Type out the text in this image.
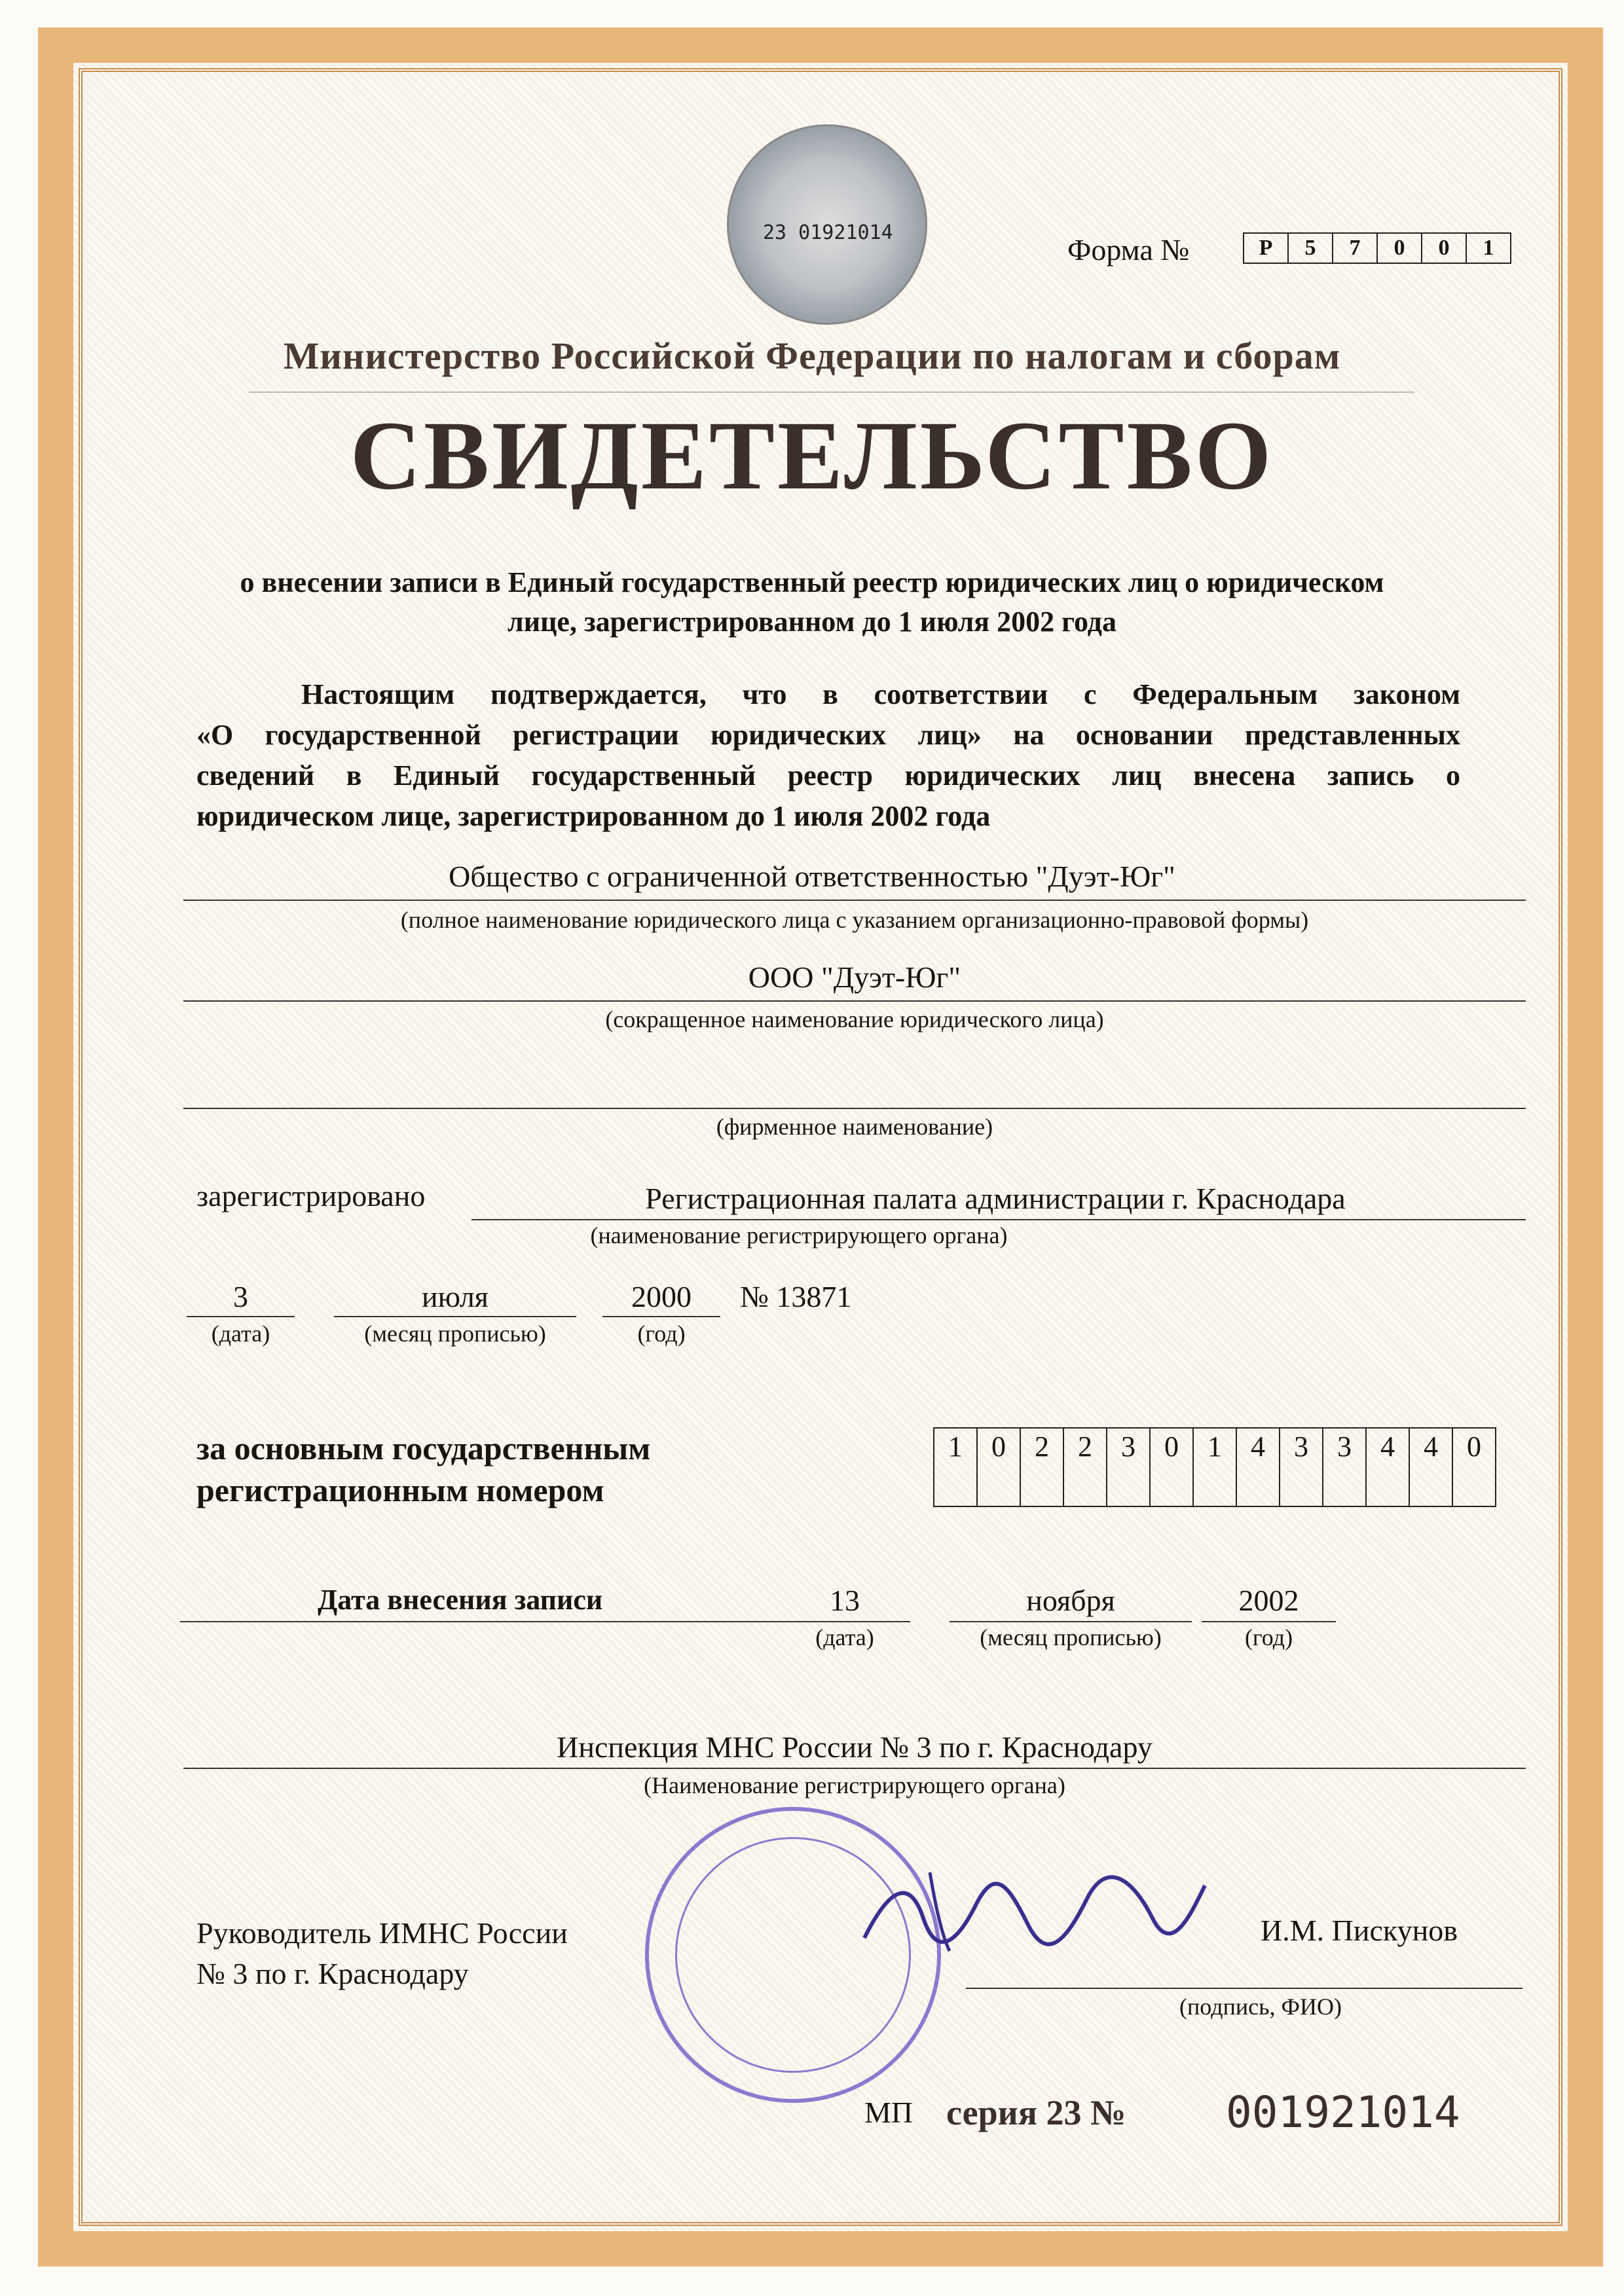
23 01921014
Форма №	Р	5	7	0	0	1
Министерство Российской Федерации по налогам и сборам
СВИДЕТЕЛЬСТВО
о внесении записи в Единый государственный реестр юридических лиц о юридическом
лице, зарегистрированном до 1 июля 2002 года
Настоящим подтверждается, что в соответствии с Федеральным законом
«О государственной регистрации юридических лиц» на основании представленных
сведений в Единый государственный реестр юридических лиц внесена запись о
юридическом лице, зарегистрированном до 1 июля 2002 года
Общество с ограниченной ответственностью "Дуэт-Юг"
(полное наименование юридического лица с указанием организационно-правовой формы)
ООО "Дуэт-Юг"
(сокращенное наименование юридического лица)
(фирменное наименование)
зарегистрировано	Регистрационная палата администрации г. Краснодара
(наименование регистрирующего органа)
3
(дата)
июля
(месяц прописью)
2000
(год)
№ 13871
за основным государственным
регистрационным номером
1	0	2	2	3	0	1	4	3	3	4	4	0
Дата внесения записи	13
(дата)
ноября
(месяц прописью)
2002
(год)
Инспекция МНС России № 3 по г. Краснодару
(Наименование регистрирующего органа)
Руководитель ИМНС России
№ 3 по г. Краснодару
И.М. Пискунов
(подпись, ФИО)
МП серия 23 № 001921014
